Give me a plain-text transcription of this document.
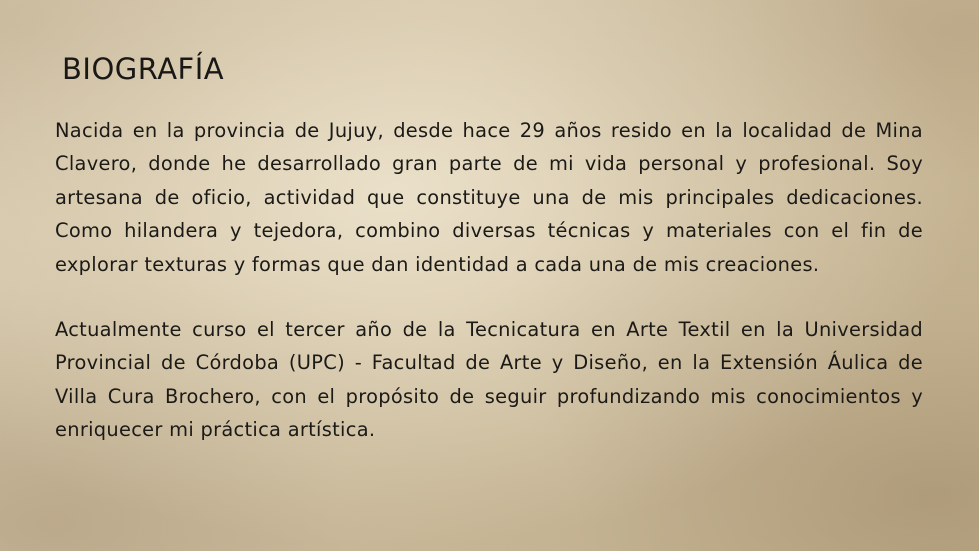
BIOGRAFÍA

Nacida en la provincia de Jujuy, desde hace 29 años resido en la localidad de Mina Clavero, donde he desarrollado gran parte de mi vida personal y profesional. Soy artesana de oficio, actividad que constituye una de mis principales dedicaciones. Como hilandera y tejedora, combino diversas técnicas y materiales con el fin de explorar texturas y formas que dan identidad a cada una de mis creaciones.

Actualmente curso el tercer año de la Tecnicatura en Arte Textil en la Universidad Provincial de Córdoba (UPC) - Facultad de Arte y Diseño, en la Extensión Áulica de Villa Cura Brochero, con el propósito de seguir profundizando mis conocimientos y enriquecer mi práctica artística.
